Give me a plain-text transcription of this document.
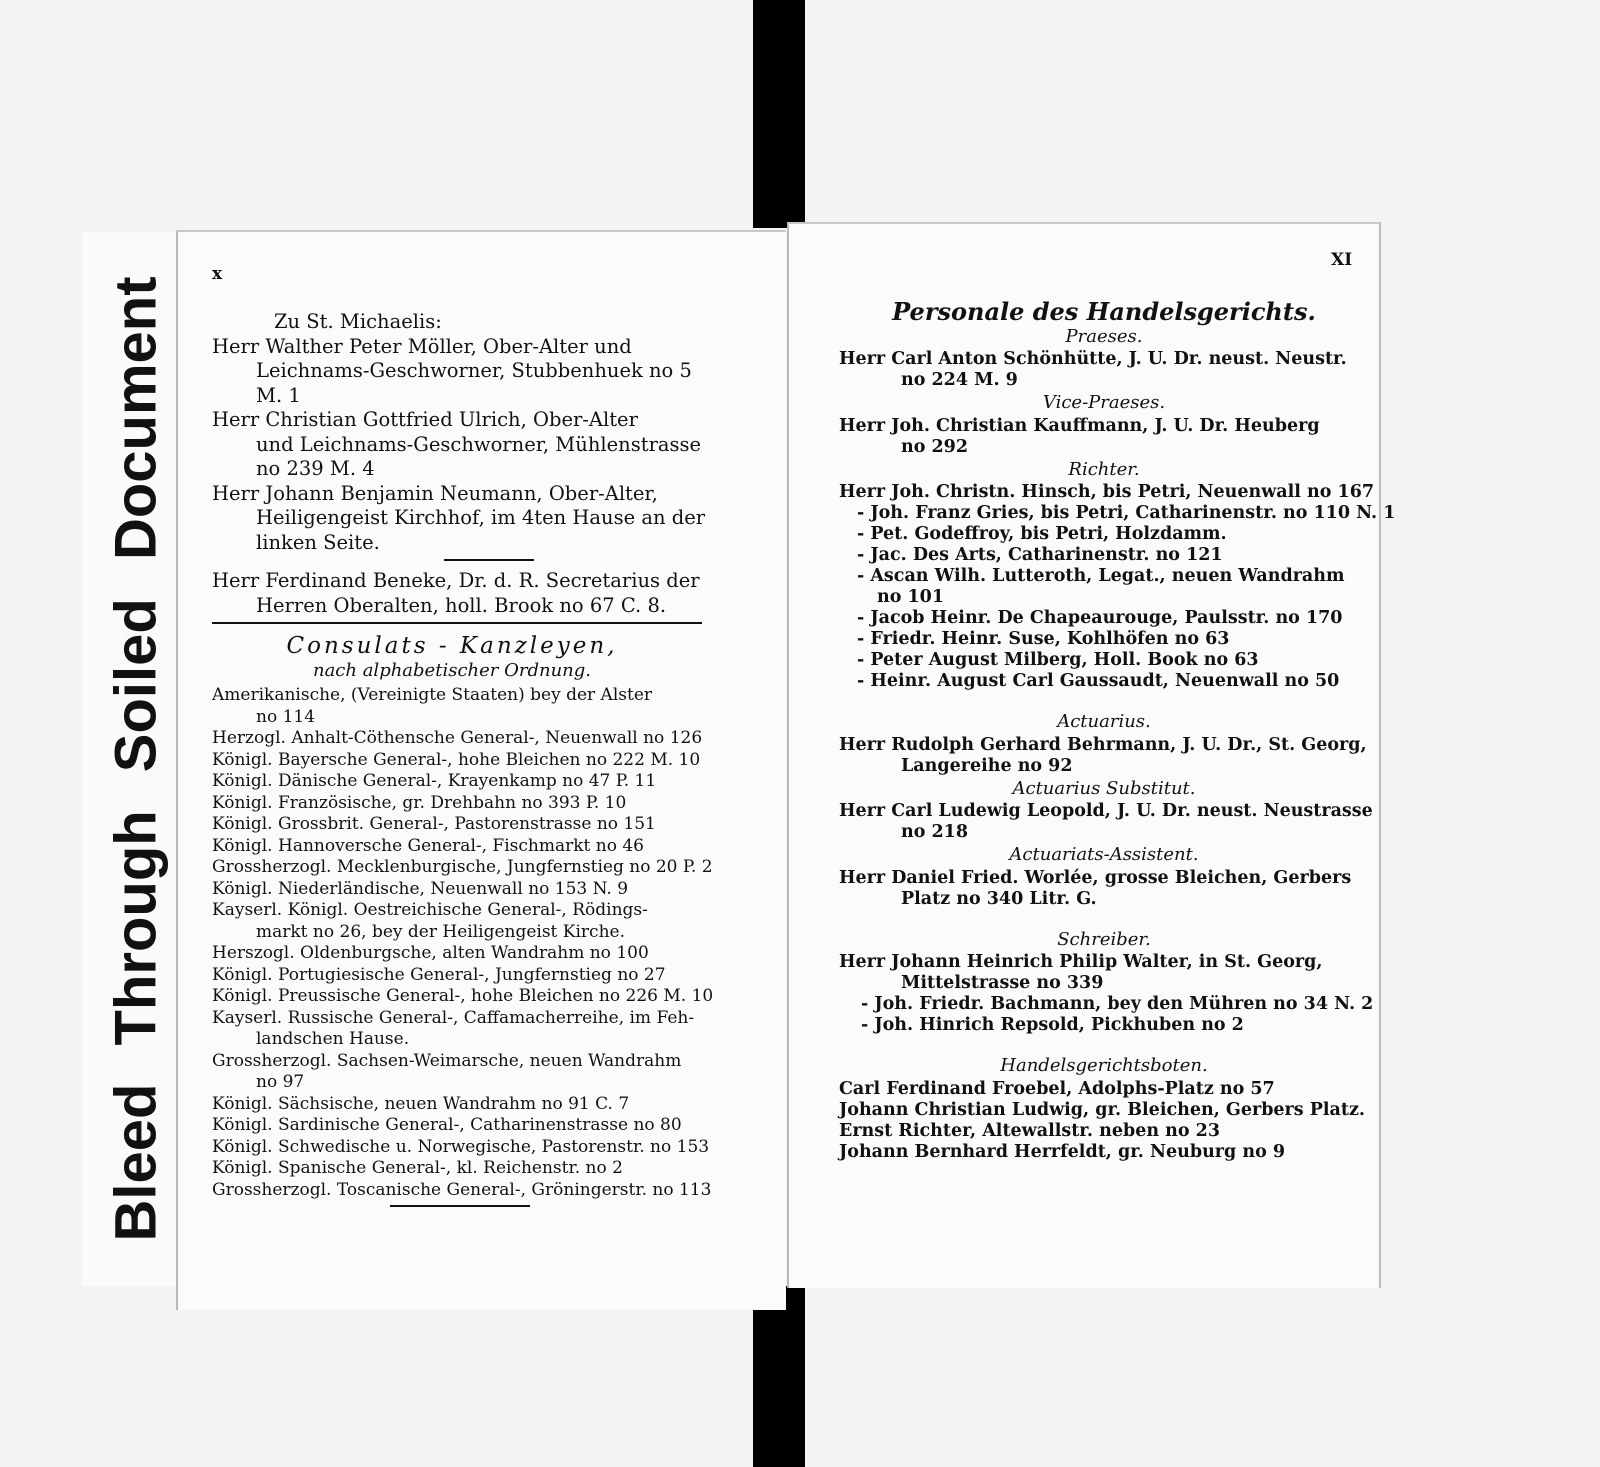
Bleed Through Soiled Document
x
Zu St. Michaelis:
Herr Walther Peter Möller, Ober-Alter und
Leichnams-Geschworner, Stubbenhuek no 5
M. 1
Herr Christian Gottfried Ulrich, Ober-Alter
und Leichnams-Geschworner, Mühlenstrasse
no 239 M. 4
Herr Johann Benjamin Neumann, Ober-Alter,
Heiligengeist Kirchhof, im 4ten Hause an der
linken Seite.
Herr Ferdinand Beneke, Dr. d. R. Secretarius der
Herren Oberalten, holl. Brook no 67 C. 8.
Consulats - Kanzleyen,
nach alphabetischer Ordnung.
Amerikanische, (Vereinigte Staaten) bey der Alster
no 114
Herzogl. Anhalt-Cöthensche General-, Neuenwall no 126
Königl. Bayersche General-, hohe Bleichen no 222 M. 10
Königl. Dänische General-, Krayenkamp no 47 P. 11
Königl. Französische, gr. Drehbahn no 393 P. 10
Königl. Grossbrit. General-, Pastorenstrasse no 151
Königl. Hannoversche General-, Fischmarkt no 46
Grossherzogl. Mecklenburgische, Jungfernstieg no 20 P. 2
Königl. Niederländische, Neuenwall no 153 N. 9
Kayserl. Königl. Oestreichische General-, Rödings-
markt no 26, bey der Heiligengeist Kirche.
Herszogl. Oldenburgsche, alten Wandrahm no 100
Königl. Portugiesische General-, Jungfernstieg no 27
Königl. Preussische General-, hohe Bleichen no 226 M. 10
Kayserl. Russische General-, Caffamacherreihe, im Feh-
landschen Hause.
Grossherzogl. Sachsen-Weimarsche, neuen Wandrahm
no 97
Königl. Sächsische, neuen Wandrahm no 91 C. 7
Königl. Sardinische General-, Catharinenstrasse no 80
Königl. Schwedische u. Norwegische, Pastorenstr. no 153
Königl. Spanische General-, kl. Reichenstr. no 2
Grossherzogl. Toscanische General-, Gröningerstr. no 113
XI
Personale des Handelsgerichts.
Praeses.
Herr Carl Anton Schönhütte, J. U. Dr. neust. Neustr.
no 224 M. 9
Vice-Praeses.
Herr Joh. Christian Kauffmann, J. U. Dr. Heuberg
no 292
Richter.
Herr Joh. Christn. Hinsch, bis Petri, Neuenwall no 167
- Joh. Franz Gries, bis Petri, Catharinenstr. no 110 N. 1
- Pet. Godeffroy, bis Petri, Holzdamm.
- Jac. Des Arts, Catharinenstr. no 121
- Ascan Wilh. Lutteroth, Legat., neuen Wandrahm
no 101
- Jacob Heinr. De Chapeaurouge, Paulsstr. no 170
- Friedr. Heinr. Suse, Kohlhöfen no 63
- Peter August Milberg, Holl. Book no 63
- Heinr. August Carl Gaussaudt, Neuenwall no 50
Actuarius.
Herr Rudolph Gerhard Behrmann, J. U. Dr., St. Georg,
Langereihe no 92
Actuarius Substitut.
Herr Carl Ludewig Leopold, J. U. Dr. neust. Neustrasse
no 218
Actuariats-Assistent.
Herr Daniel Fried. Worlée, grosse Bleichen, Gerbers
Platz no 340 Litr. G.
Schreiber.
Herr Johann Heinrich Philip Walter, in St. Georg,
Mittelstrasse no 339
- Joh. Friedr. Bachmann, bey den Mühren no 34 N. 2
- Joh. Hinrich Repsold, Pickhuben no 2
Handelsgerichtsboten.
Carl Ferdinand Froebel, Adolphs-Platz no 57
Johann Christian Ludwig, gr. Bleichen, Gerbers Platz.
Ernst Richter, Altewallstr. neben no 23
Johann Bernhard Herrfeldt, gr. Neuburg no 9
